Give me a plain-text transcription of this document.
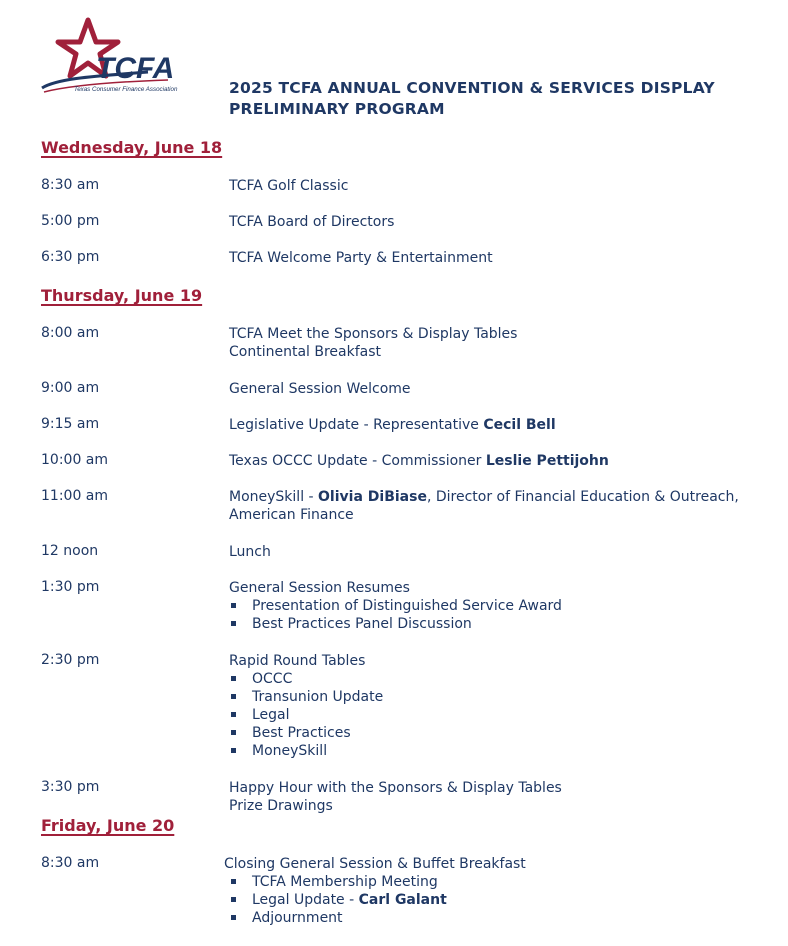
TCFA
Texas Consumer Finance Association	2025 TCFA ANNUAL CONVENTION & SERVICES DISPLAY
PRELIMINARY PROGRAM
Wednesday, June 18
8:30 am	TCFA Golf Classic
5:00 pm	TCFA Board of Directors
6:30 pm	TCFA Welcome Party & Entertainment
Thursday, June 19
8:00 am	TCFA Meet the Sponsors & Display Tables
Continental Breakfast
9:00 am	General Session Welcome
9:15 am	Legislative Update - Representative Cecil Bell
10:00 am	Texas OCCC Update - Commissioner Leslie Pettijohn
11:00 am	MoneySkill - Olivia DiBiase, Director of Financial Education & Outreach,
American Finance
12 noon	Lunch
1:30 pm	General Session Resumes
Presentation of Distinguished Service Award
Best Practices Panel Discussion
2:30 pm	Rapid Round Tables
OCCC
Transunion Update
Legal
Best Practices
MoneySkill
3:30 pm	Happy Hour with the Sponsors & Display Tables
Prize Drawings
Friday, June 20
8:30 am	Closing General Session & Buffet Breakfast
TCFA Membership Meeting
Legal Update - Carl Galant
Adjournment
